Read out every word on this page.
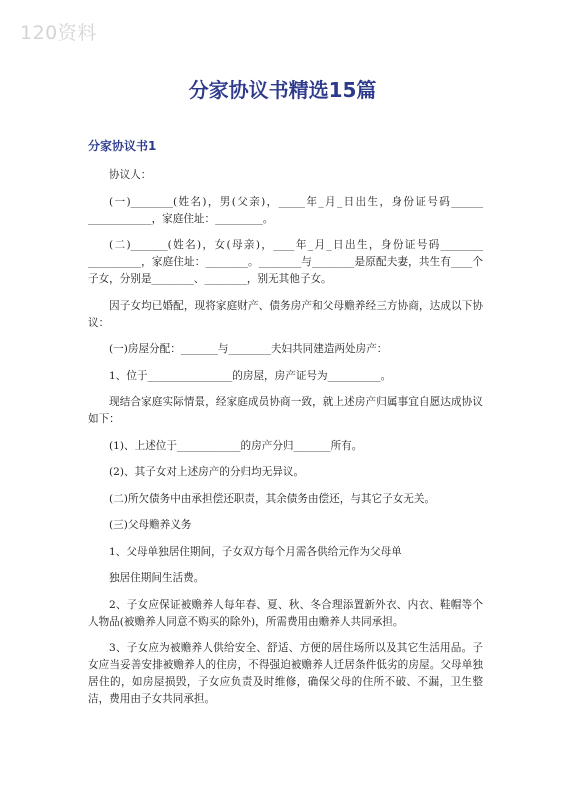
120资料
分家协议书精选15篇
分家协议书1

协议人：

(一)________(姓名)，男(父亲)，_____年_月_日出生，身份证号码______ ____________，家庭住址：_________。

(二)_______(姓名)，女(母亲)，____年_月_日出生，身份证号码________ __________，家庭住址：________。________与________是原配夫妻，共生有____个子女，分别是________、________，别无其他子女。

因子女均已婚配，现将家庭财产、债务房产和父母赡养经三方协商，达成以下协议：

(一)房屋分配：_______与________夫妇共同建造两处房产：

1、位于________________的房屋，房产证号为__________。

现结合家庭实际情景，经家庭成员协商一致，就上述房产归属事宜自愿达成协议如下：

(1)、上述位于____________的房产分归_______所有。

(2)、其子女对上述房产的分归均无异议。

(二)所欠债务中由承担偿还职责，其余债务由偿还，与其它子女无关。

(三)父母赡养义务

1、父母单独居住期间，子女双方每个月需各供给元作为父母单

独居住期间生活费。

2、子女应保证被赡养人每年春、夏、秋、冬合理添置新外衣、内衣、鞋帽等个人物品(被赡养人同意不购买的除外)，所需费用由赡养人共同承担。

3、子女应为被赡养人供给安全、舒适、方便的居住场所以及其它生活用品。子女应当妥善安排被赡养人的住房，不得强迫被赡养人迁居条件低劣的房屋。父母单独居住的，如房屋损毁，子女应负责及时维修，确保父母的住所不破、不漏，卫生整洁，费用由子女共同承担。
